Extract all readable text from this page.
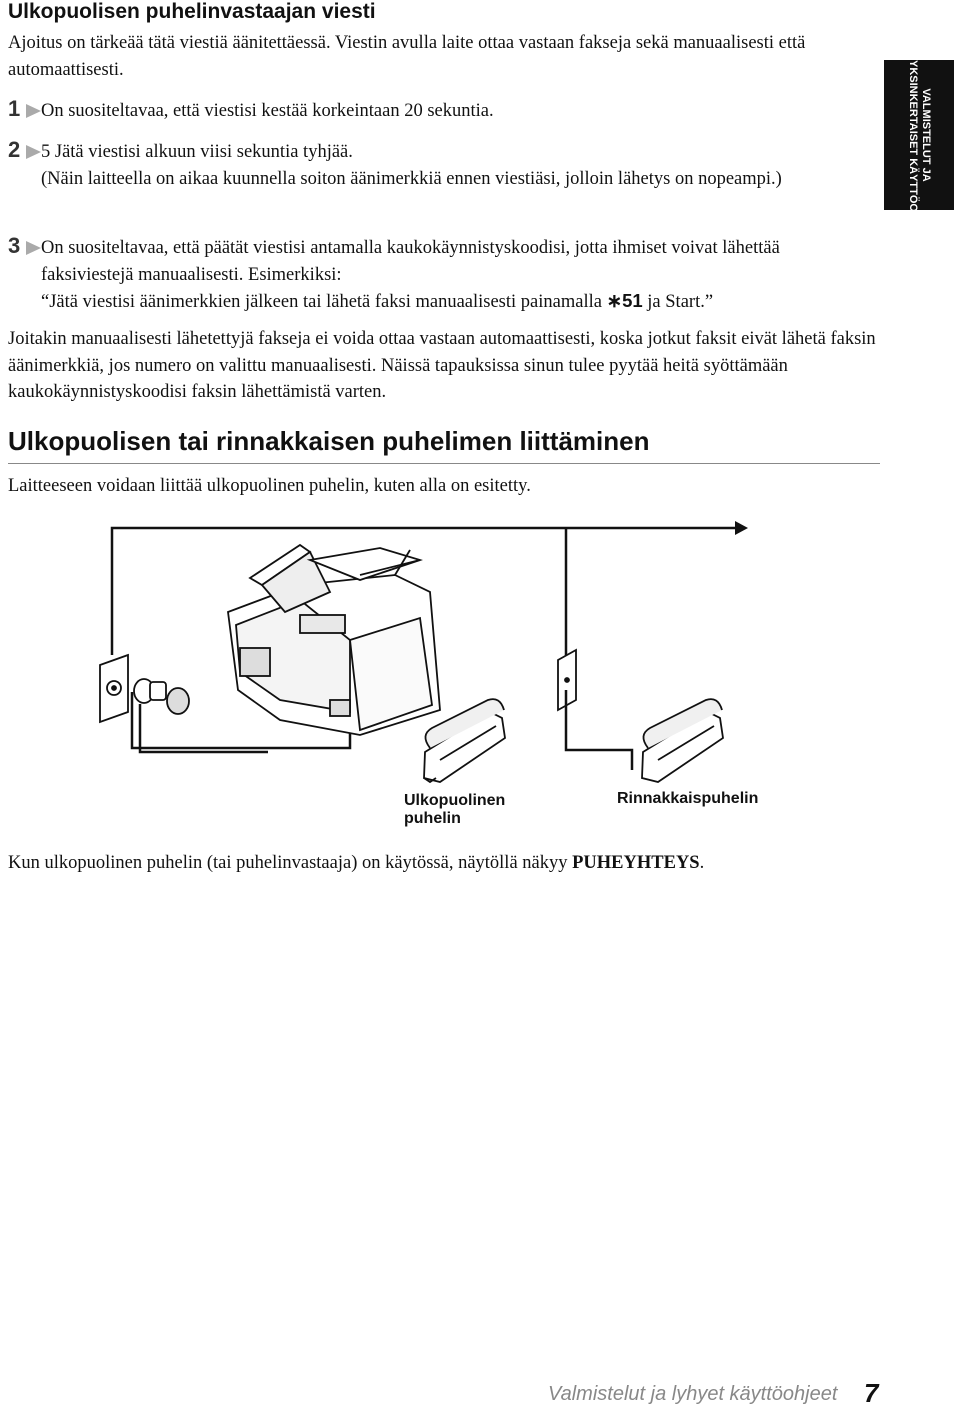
Ulkopuolisen puhelinvastaajan viesti
Ajoitus on tärkeää tätä viestiä äänitettäessä. Viestin avulla laite ottaa vastaan fakseja sekä manuaalisesti että automaattisesti.
1 On suositeltavaa, että viestisi kestää korkeintaan 20 sekuntia.
2 5 Jätä viestisi alkuun viisi sekuntia tyhjää.
(Näin laitteella on aikaa kuunnella soiton äänimerkkiä ennen viestiäsi, jolloin lähetys on nopeampi.)
3 On suositeltavaa, että päätät viestisi antamalla kaukokäynnistyskoodisi, jotta ihmiset voivat lähettää faksiviestejä manuaalisesti. Esimerkiksi:
“Jätä viestisi äänimerkkien jälkeen tai lähetä faksi manuaalisesti painamalla ∗51 ja Start.”
Joitakin manuaalisesti lähetettyjä fakseja ei voida ottaa vastaan automaattisesti, koska jotkut faksit eivät lähetä faksin äänimerkkiä, jos numero on valittu manuaalisesti. Näissä tapauksissa sinun tulee pyytää heitä syöttämään kaukokäynnistyskoodisi faksin lähettämistä varten.
VALMISTELUT JA
YKSINKERTAISET KÄYTTÖOHJEET
Ulkopuolisen tai rinnakkaisen puhelimen liittäminen
Laitteeseen voidaan liittää ulkopuolinen puhelin, kuten alla on esitetty.
Ulkopuolinen
puhelin
Rinnakkaispuhelin
Kun ulkopuolinen puhelin (tai puhelinvastaaja) on käytössä, näytöllä näkyy PUHEYHTEYS.
Valmistelut ja lyhyet käyttöohjeet 7
